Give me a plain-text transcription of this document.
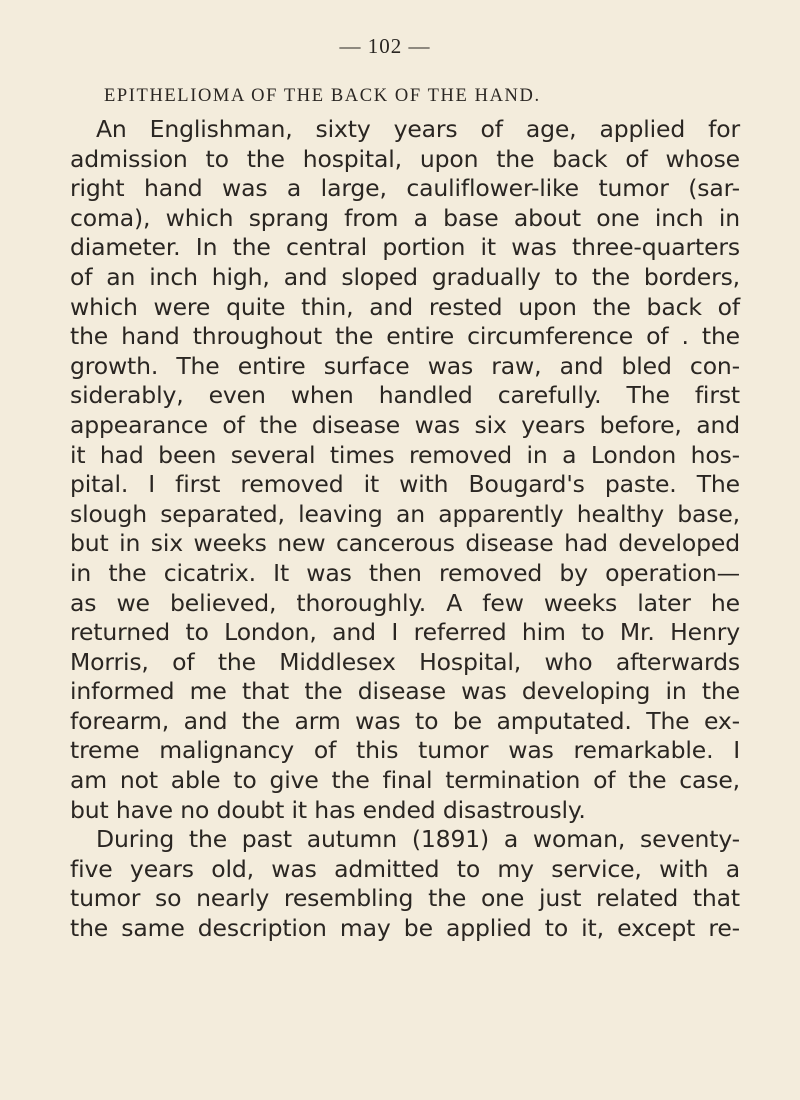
— 102 —
EPITHELIOMA OF THE BACK OF THE HAND.
An Englishman, sixty years of age, applied for
admission to the hospital, upon the back of whose
right hand was a large, cauliflower-like tumor (sar-
coma), which sprang from a base about one inch in
diameter. In the central portion it was three-quarters
of an inch high, and sloped gradually to the borders,
which were quite thin, and rested upon the back of
the hand throughout the entire circumference of . the
growth. The entire surface was raw, and bled con-
siderably, even when handled carefully. The first
appearance of the disease was six years before, and
it had been several times removed in a London hos-
pital. I first removed it with Bougard's paste. The
slough separated, leaving an apparently healthy base,
but in six weeks new cancerous disease had developed
in the cicatrix. It was then removed by operation—
as we believed, thoroughly. A few weeks later he
returned to London, and I referred him to Mr. Henry
Morris, of the Middlesex Hospital, who afterwards
informed me that the disease was developing in the
forearm, and the arm was to be amputated. The ex-
treme malignancy of this tumor was remarkable. I
am not able to give the final termination of the case,
but have no doubt it has ended disastrously.
During the past autumn (1891) a woman, seventy-
five years old, was admitted to my service, with a
tumor so nearly resembling the one just related that
the same description may be applied to it, except re-
